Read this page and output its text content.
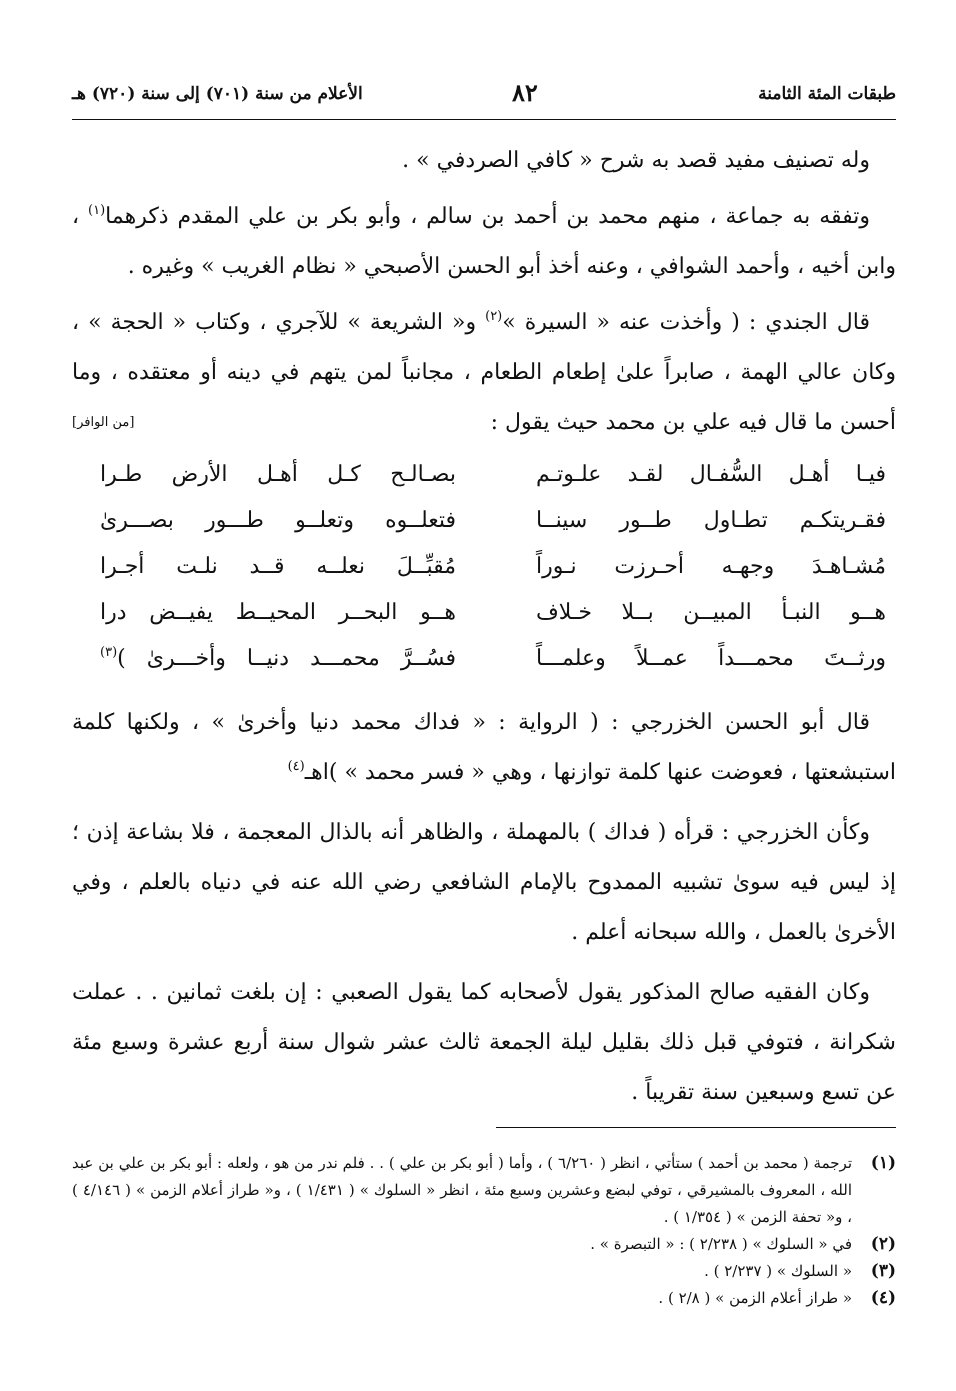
طبقات المئة الثامنة
٨٢
الأعلام من سنة (٧٠١) إلى سنة (٧٢٠) هـ

وله تصنيف مفيد قصد به شرح « كافي الصردفي » .

وتفقه به جماعة ، منهم محمد بن أحمد بن سالم ، وأبو بكر بن علي المقدم ذكرهما$^{(١)}$ ، وابن أخيه ، وأحمد الشوافي ، وعنه أخذ أبو الحسن الأصبحي « نظام الغريب » وغيره .

قال الجندي : ( وأخذت عنه « السيرة »$^{(٢)}$ و« الشريعة » للآجري ، وكتاب « الحجة » ، وكان عالي الهمة ، صابراً علىٰ إطعام الطعام ، مجانباً لمن يتهم في دينه أو معتقده ، وما أحسن ما قال فيه علي بن محمد حيث يقول :
[من الوافر]

فيـا أهـل السُّفـال لقـد علـوتـم
بصـالـح كـل أهـل الأرض طـرا
فقـريتكـم تطـاول طــور سينــا
فتعلــوه وتعلــو طـــور بصـــرىٰ
مُشـاهـدَ وجهـه أحـرزت نـوراً
مُقبِّــلَ نعلــه قــد نلـت أجـرا
هــو النبـأ المبيــن بــلا خـلاف
هــو البحــر المحيــط يفيــض درا
ورثــتَ محمـــداً عمــلاً وعلمـــاً
فسُــرَّ محمـــد دنيــا وأخـــرىٰ )$^{(٣)}$

قال أبو الحسن الخزرجي : ( الرواية : « فداك محمد دنيا وأخرىٰ » ، ولكنها كلمة استبشعتها ، فعوضت عنها كلمة توازنها ، وهي « فسر محمد » )اهـ$^{(٤)}$

وكأن الخزرجي : قرأه ( فداك ) بالمهملة ، والظاهر أنه بالذال المعجمة ، فلا بشاعة إذن ؛ إذ ليس فيه سوىٰ تشبيه الممدوح بالإمام الشافعي رضي الله عنه في دنياه بالعلم ، وفي الأخرىٰ بالعمل ، والله سبحانه أعلم .

وكان الفقيه صالح المذكور يقول لأصحابه كما يقول الصعبي : إن بلغت ثمانين . . عملت شكرانة ، فتوفي قبل ذلك بقليل ليلة الجمعة ثالث عشر شوال سنة أربع عشرة وسبع مئة عن تسع وسبعين سنة تقريباً .

(١)
ترجمة ( محمد بن أحمد ) ستأتي ، انظر ( ٦/٢٦٠ ) ، وأما ( أبو بكر بن علي ) . . فلم ندر من هو ، ولعله : أبو بكر بن علي بن عبد الله ، المعروف بالمشيرقي ، توفي لبضع وعشرين وسبع مئة ، انظر « السلوك » ( ١/٤٣١ ) ، و« طراز أعلام الزمن » ( ٤/١٤٦ ) ، و« تحفة الزمن » ( ١/٣٥٤ ) .
(٢)
في « السلوك » ( ٢/٢٣٨ ) : « التبصرة » .
(٣)
« السلوك » ( ٢/٢٣٧ ) .
(٤)
« طراز أعلام الزمن » ( ٢/٨ ) .
